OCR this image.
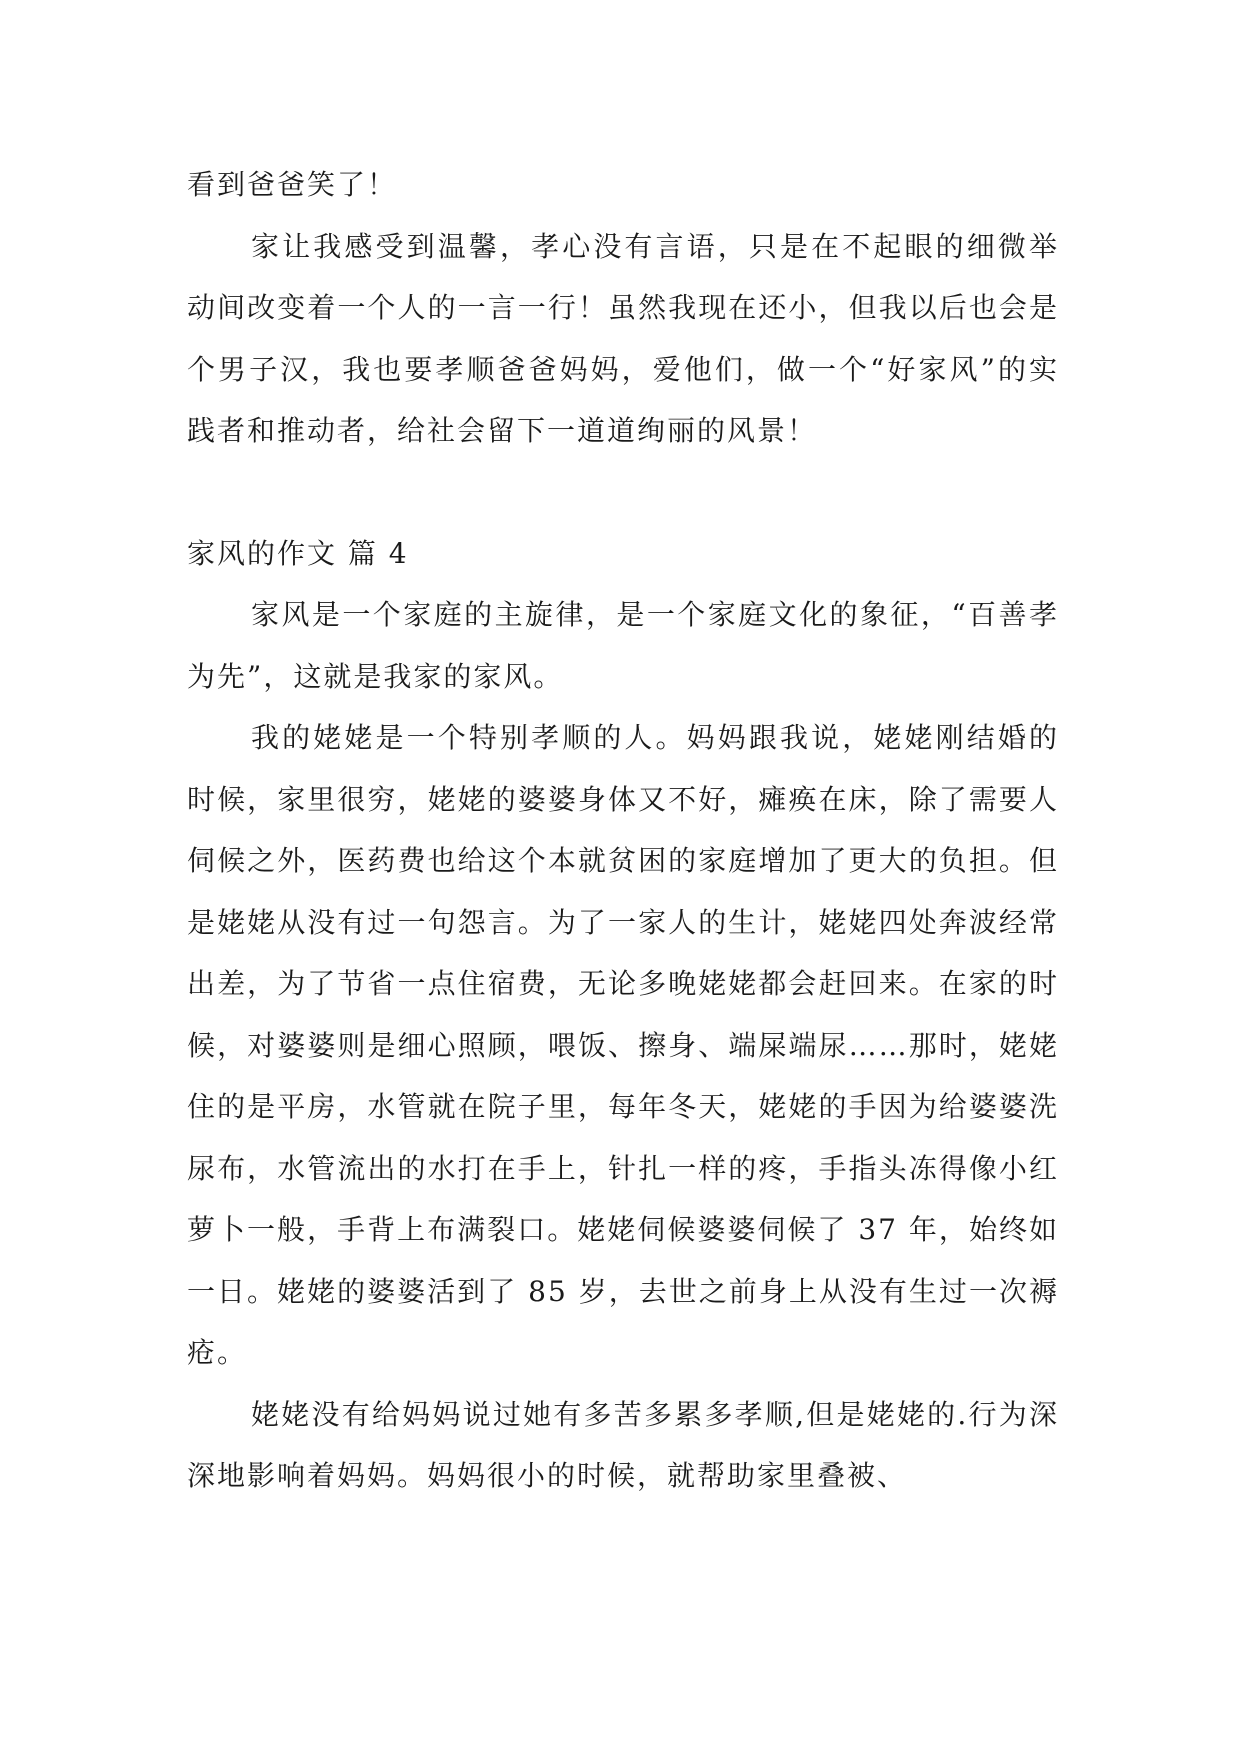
看到爸爸笑了！

家让我感受到温馨，孝心没有言语，只是在不起眼的细微举动间改变着一个人的一言一行！虽然我现在还小，但我以后也会是个男子汉，我也要孝顺爸爸妈妈，爱他们，做一个“好家风”的实践者和推动者，给社会留下一道道绚丽的风景！

家风的作文 篇 4

家风是一个家庭的主旋律，是一个家庭文化的象征，“百善孝为先”，这就是我家的家风。

我的姥姥是一个特别孝顺的人。妈妈跟我说，姥姥刚结婚的时候，家里很穷，姥姥的婆婆身体又不好，瘫痪在床，除了需要人伺候之外，医药费也给这个本就贫困的家庭增加了更大的负担。但是姥姥从没有过一句怨言。为了一家人的生计，姥姥四处奔波经常出差，为了节省一点住宿费，无论多晚姥姥都会赶回来。在家的时候，对婆婆则是细心照顾，喂饭、擦身、端屎端尿……那时，姥姥住的是平房，水管就在院子里，每年冬天，姥姥的手因为给婆婆洗尿布，水管流出的水打在手上，针扎一样的疼，手指头冻得像小红萝卜一般，手背上布满裂口。姥姥伺候婆婆伺候了 37 年，始终如一日。姥姥的婆婆活到了 85 岁，去世之前身上从没有生过一次褥疮。

姥姥没有给妈妈说过她有多苦多累多孝顺,但是姥姥的.行为深深地影响着妈妈。妈妈很小的时候，就帮助家里叠被、
